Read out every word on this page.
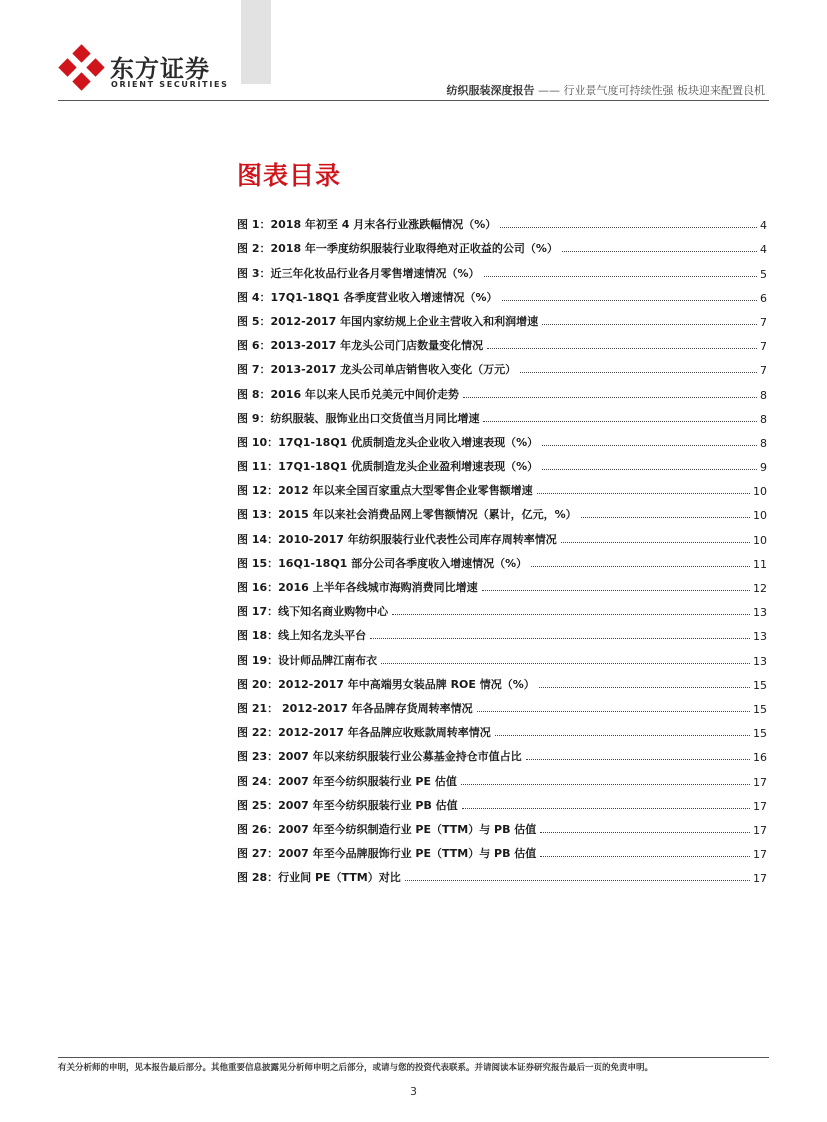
东方证券
ORIENT SECURITIES	纺织服装深度报告 —— 行业景气度可持续性强 板块迎来配置良机
图表目录
图 1：2018 年初至 4 月末各行业涨跌幅情况（%）	4
图 2：2018 年一季度纺织服装行业取得绝对正收益的公司（%）	4
图 3：近三年化妆品行业各月零售增速情况（%）	5
图 4：17Q1-18Q1 各季度营业收入增速情况（%）	6
图 5：2012-2017 年国内家纺规上企业主营收入和利润增速	7
图 6：2013-2017 年龙头公司门店数量变化情况	7
图 7：2013-2017 龙头公司单店销售收入变化（万元）	7
图 8：2016 年以来人民币兑美元中间价走势	8
图 9：纺织服装、服饰业出口交货值当月同比增速	8
图 10：17Q1-18Q1 优质制造龙头企业收入增速表现（%）	8
图 11：17Q1-18Q1 优质制造龙头企业盈利增速表现（%）	9
图 12：2012 年以来全国百家重点大型零售企业零售额增速	10
图 13：2015 年以来社会消费品网上零售额情况（累计，亿元，%）	10
图 14：2010-2017 年纺织服装行业代表性公司库存周转率情况	10
图 15：16Q1-18Q1 部分公司各季度收入增速情况（%）	11
图 16：2016 上半年各线城市海购消费同比增速	12
图 17：线下知名商业购物中心	13
图 18：线上知名龙头平台	13
图 19：设计师品牌江南布衣	13
图 20：2012-2017 年中高端男女装品牌 ROE 情况（%）	15
图 21： 2012-2017 年各品牌存货周转率情况	15
图 22：2012-2017 年各品牌应收账款周转率情况	15
图 23：2007 年以来纺织服装行业公募基金持仓市值占比	16
图 24：2007 年至今纺织服装行业 PE 估值	17
图 25：2007 年至今纺织服装行业 PB 估值	17
图 26：2007 年至今纺织制造行业 PE（TTM）与 PB 估值	17
图 27：2007 年至今品牌服饰行业 PE（TTM）与 PB 估值	17
图 28：行业间 PE（TTM）对比	17
有关分析师的申明，见本报告最后部分。其他重要信息披露见分析师申明之后部分，或请与您的投资代表联系。并请阅读本证券研究报告最后一页的免责申明。
3
